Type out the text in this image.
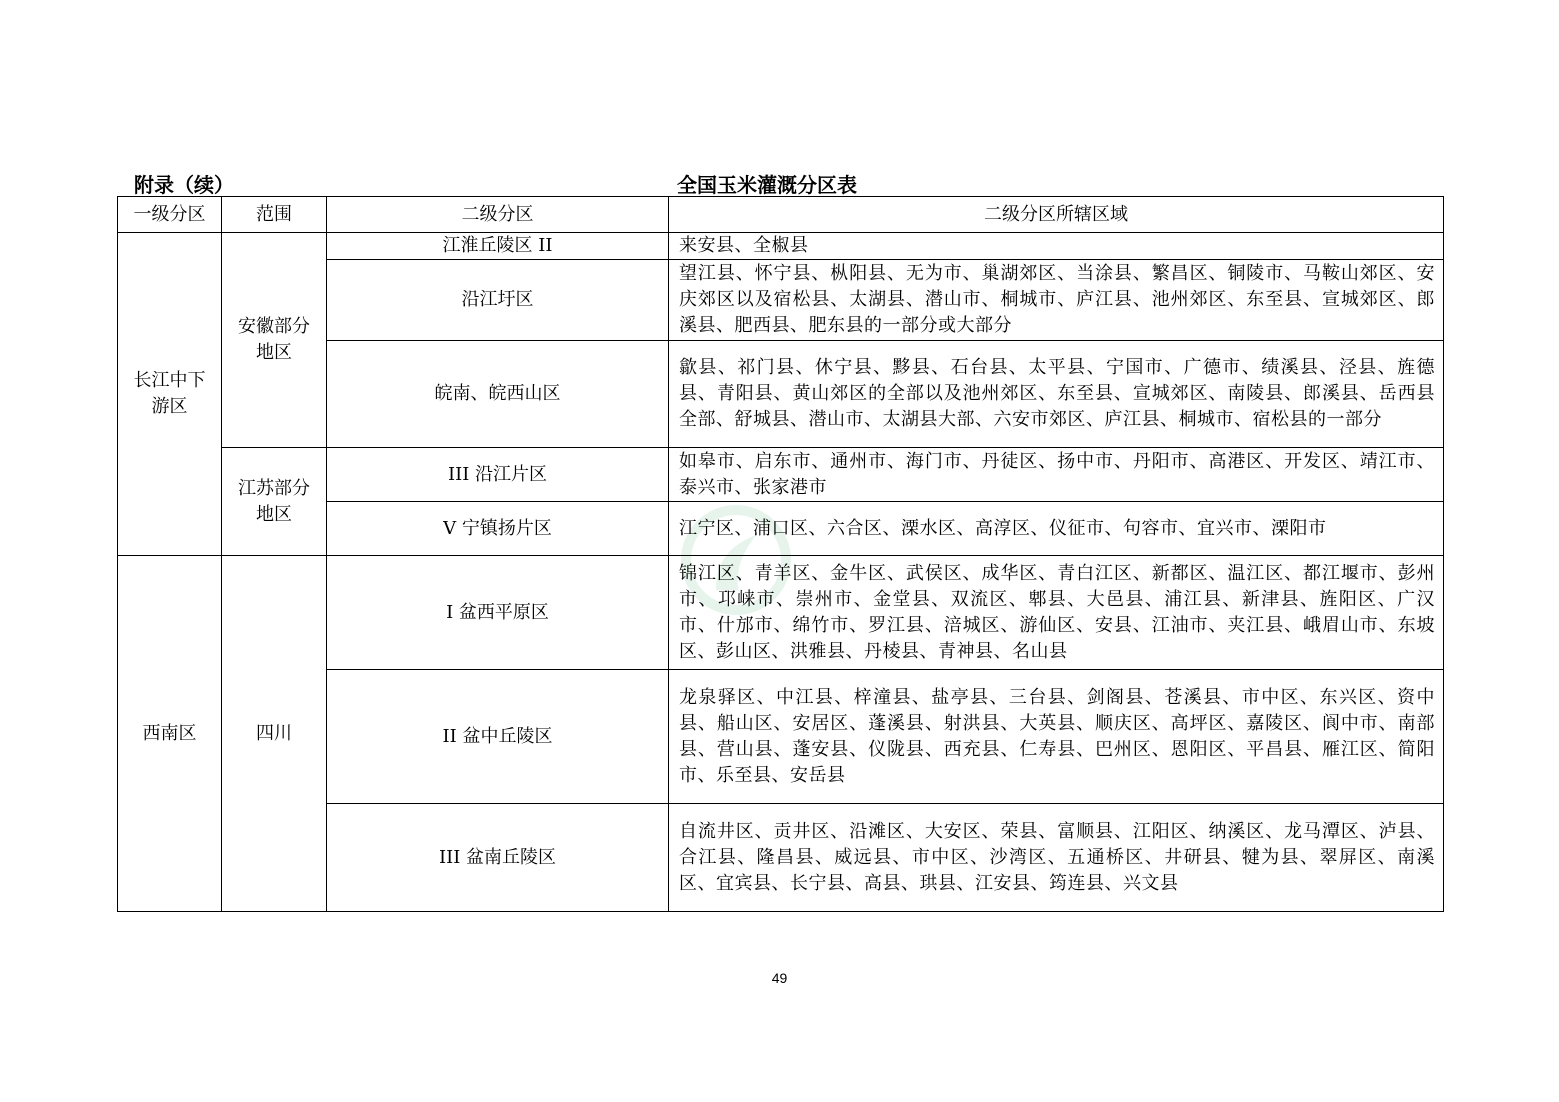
附录（续）	全国玉米灌溉分区表
一级分区	范围	二级分区	二级分区所辖区域
长江中下游区	安徽部分地区	江淮丘陵区 II	来安县、全椒县
		沿江圩区	望江县、怀宁县、枞阳县、无为市、巢湖郊区、当涂县、繁昌区、铜陵市、马鞍山郊区、安庆郊区以及宿松县、太湖县、潜山市、桐城市、庐江县、池州郊区、东至县、宣城郊区、郎溪县、肥西县、肥东县的一部分或大部分
		皖南、皖西山区	歙县、祁门县、休宁县、黟县、石台县、太平县、宁国市、广德市、绩溪县、泾县、旌德县、青阳县、黄山郊区的全部以及池州郊区、东至县、宣城郊区、南陵县、郎溪县、岳西县全部、舒城县、潜山市、太湖县大部、六安市郊区、庐江县、桐城市、宿松县的一部分
	江苏部分地区	III 沿江片区	如皋市、启东市、通州市、海门市、丹徒区、扬中市、丹阳市、高港区、开发区、靖江市、泰兴市、张家港市
		V 宁镇扬片区	江宁区、浦口区、六合区、溧水区、高淳区、仪征市、句容市、宜兴市、溧阳市
西南区	四川	I 盆西平原区	锦江区、青羊区、金牛区、武侯区、成华区、青白江区、新都区、温江区、都江堰市、彭州市、邛崃市、崇州市、金堂县、双流区、郫县、大邑县、浦江县、新津县、旌阳区、广汉市、什邡市、绵竹市、罗江县、涪城区、游仙区、安县、江油市、夹江县、峨眉山市、东坡区、彭山区、洪雅县、丹棱县、青神县、名山县
		II 盆中丘陵区	龙泉驿区、中江县、梓潼县、盐亭县、三台县、剑阁县、苍溪县、市中区、东兴区、资中县、船山区、安居区、蓬溪县、射洪县、大英县、顺庆区、高坪区、嘉陵区、阆中市、南部县、营山县、蓬安县、仪陇县、西充县、仁寿县、巴州区、恩阳区、平昌县、雁江区、简阳市、乐至县、安岳县
		III 盆南丘陵区	自流井区、贡井区、沿滩区、大安区、荣县、富顺县、江阳区、纳溪区、龙马潭区、泸县、合江县、隆昌县、威远县、市中区、沙湾区、五通桥区、井研县、犍为县、翠屏区、南溪区、宜宾县、长宁县、高县、珙县、江安县、筠连县、兴文县
49
